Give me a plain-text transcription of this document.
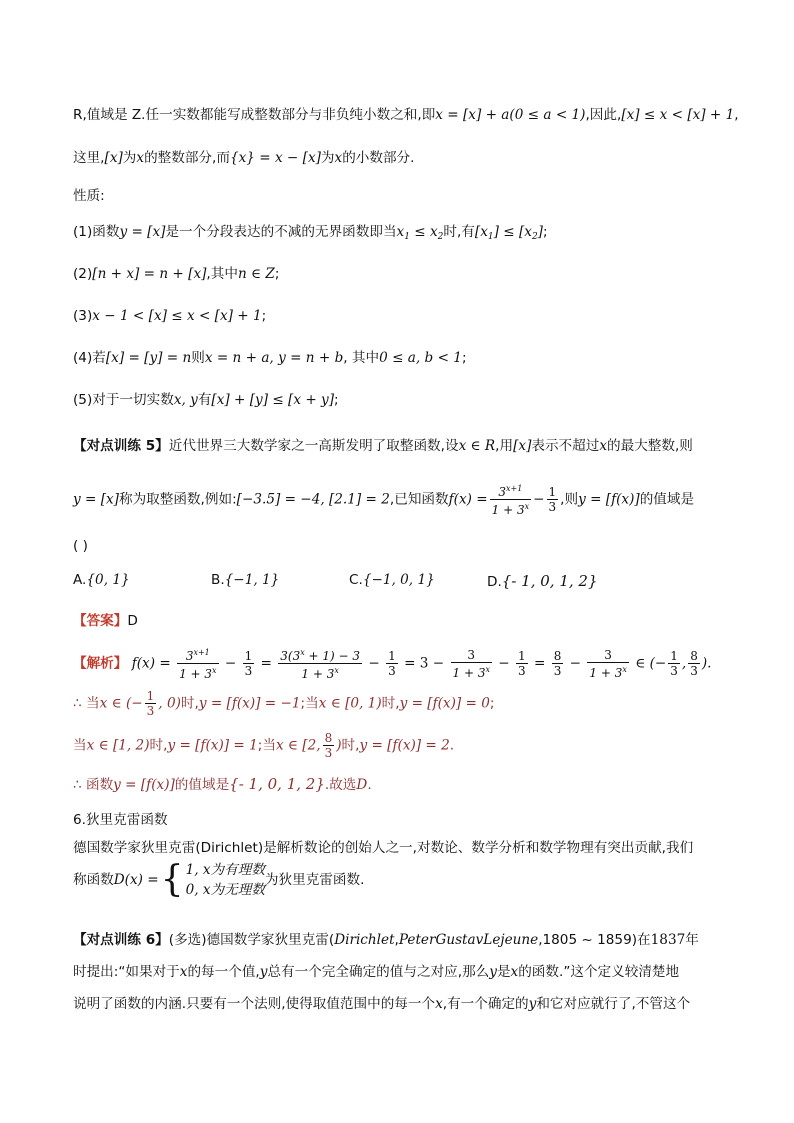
R,值域是 Z.任一实数都能写成整数部分与非负纯小数之和,即x = [x] + a(0 ≤ a < 1),因此,[x] ≤ x < [x] + 1,
这里,[x]为x的整数部分,而{x} = x − [x]为x的小数部分.
性质:
(1)函数y = [x]是一个分段表达的不减的无界函数即当$x_1 \le x_2$时,有$[x_1] \le [x_2]$;
(2)[n + x] = n + [x],其中n ∈ Z;
(3)x − 1 < [x] ≤ x < [x] + 1;
(4)若[x] = [y] = n则x = n + a, y = n + b, 其中0 ≤ a, b < 1;
(5)对于一切实数x, y有[x] + [y] ≤ [x + y];
【对点训练 5】近代世界三大数学家之一高斯发明了取整函数,设x ∈ R,用[x]表示不超过x的最大整数,则
y = [x]称为取整函数,例如:[−3.5] = −4, [2.1] = 2,已知函数$f(x) = \frac{3^{x+1}}{1 + 3^x} - \frac{1}{3}$ ,则y = [f(x)]的值域是
( )
A.{0, 1}	B.{−1, 1}	C.{−1, 0, 1}	D.{- 1, 0, 1, 2}
【答案】D
【解析】 $f(x) = \frac{3^{x+1}}{1 + 3^x} - \frac{1}{3} = \frac{3(3^x + 1) - 3}{1 + 3^x} - \frac{1}{3} = 3 - \frac{3}{1 + 3^x} - \frac{1}{3} = \frac{8}{3} - \frac{3}{1 + 3^x}$ ∈ (− $\frac{1}{3}$ , $\frac{8}{3}$ ).
∴ 当x ∈ (− $\frac{1}{3}$ , 0)时,y = [f(x)] = −1;当x ∈ [0, 1)时,y = [f(x)] = 0;
当x ∈ [1, 2)时,y = [f(x)] = 1;当x ∈ [2, $\frac{8}{3}$ )时,y = [f(x)] = 2.
∴ 函数y = [f(x)]的值域是{- 1, 0, 1, 2}.故选D.
6.狄里克雷函数
德国数学家狄里克雷(Dirichlet)是解析数论的创始人之一,对数论、数学分析和数学物理有突出贡献,我们
称函数D(x) ={ 1, x为有理数
0, x为无理数
为狄里克雷函数.
【对点训练 6】(多选)德国数学家狄里克雷(Dirichlet,PeterGustavLejeune,1805 ~ 1859)在1837年
时提出:“如果对于x的每一个值,y总有一个完全确定的值与之对应,那么y是x的函数.”这个定义较清楚地
说明了函数的内涵.只要有一个法则,使得取值范围中的每一个x,有一个确定的y和它对应就行了,不管这个
